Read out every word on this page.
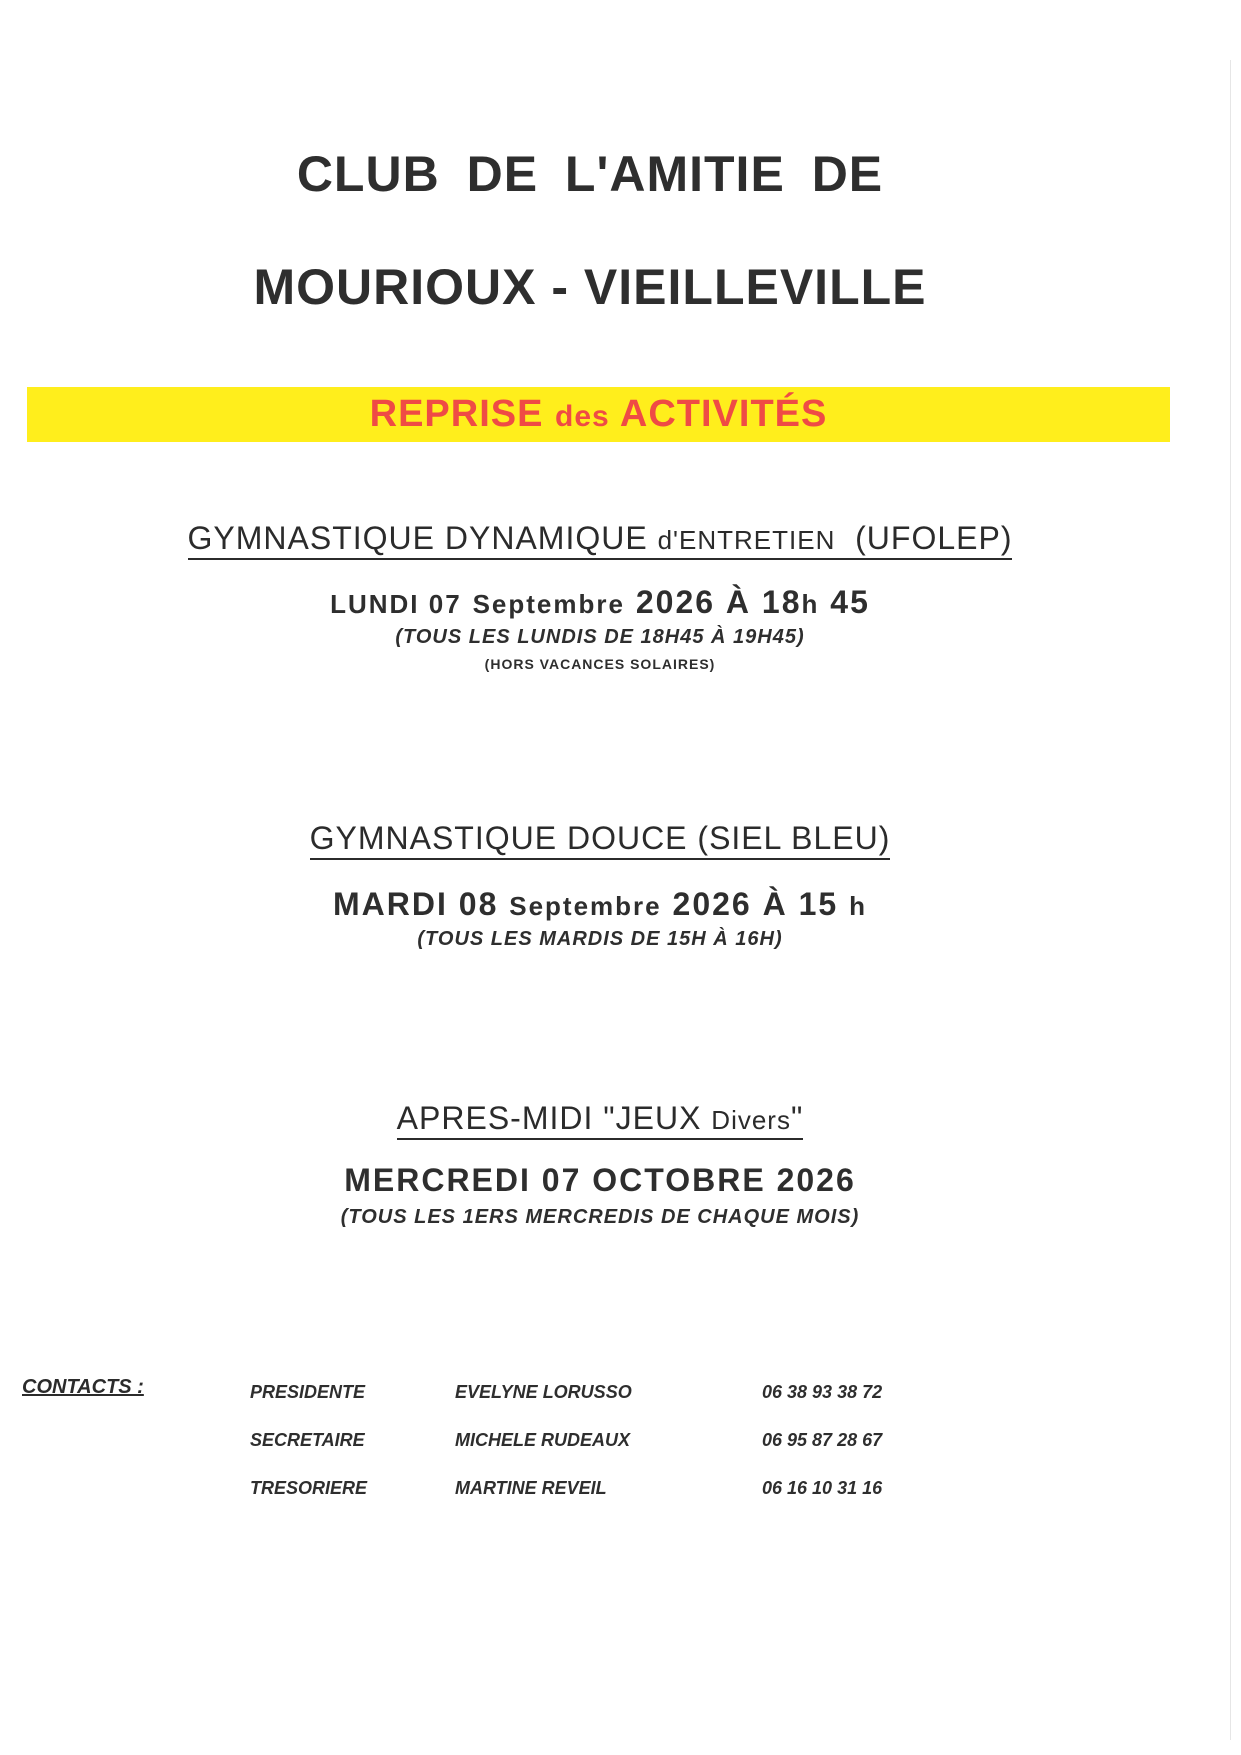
CLUB DE L'AMITIE DE
MOURIOUX - VIEILLEVILLE
REPRISE des ACTIVITÉS
GYMNASTIQUE DYNAMIQUE d'ENTRETIEN (UFOLEP)
LUNDI 07 Septembre 2026 À 18h 45
(TOUS LES LUNDIS DE 18H45 À 19H45)
(HORS VACANCES SOLAIRES)
GYMNASTIQUE DOUCE (SIEL BLEU)
MARDI 08 Septembre 2026 À 15 h
(TOUS LES MARDIS DE 15H À 16H)
APRES-MIDI "JEUX Divers"
MERCREDI 07 OCTOBRE 2026
(TOUS LES 1ERS MERCREDIS DE CHAQUE MOIS)
CONTACTS :	PRESIDENTE	EVELYNE LORUSSO	06 38 93 38 72
SECRETAIRE	MICHELE RUDEAUX	06 95 87 28 67
TRESORIERE	MARTINE REVEIL	06 16 10 31 16
